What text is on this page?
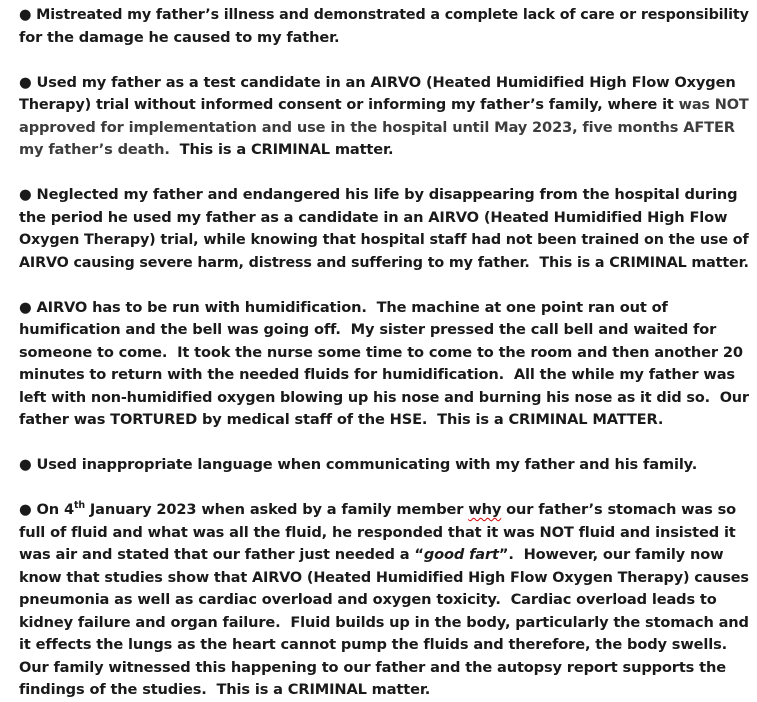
● Mistreated my father’s illness and demonstrated a complete lack of care or responsibility
for the damage he caused to my father.
● Used my father as a test candidate in an AIRVO (Heated Humidified High Flow Oxygen
Therapy) trial without informed consent or informing my father’s family, where it was NOT
approved for implementation and use in the hospital until May 2023, five months AFTER
my father’s death.  This is a CRIMINAL matter.
● Neglected my father and endangered his life by disappearing from the hospital during
the period he used my father as a candidate in an AIRVO (Heated Humidified High Flow
Oxygen Therapy) trial, while knowing that hospital staff had not been trained on the use of
AIRVO causing severe harm, distress and suffering to my father.  This is a CRIMINAL matter.
● AIRVO has to be run with humidification.  The machine at one point ran out of
humification and the bell was going off.  My sister pressed the call bell and waited for
someone to come.  It took the nurse some time to come to the room and then another 20
minutes to return with the needed fluids for humidification.  All the while my father was
left with non-humidified oxygen blowing up his nose and burning his nose as it did so.  Our
father was TORTURED by medical staff of the HSE.  This is a CRIMINAL MATTER.
● Used inappropriate language when communicating with my father and his family.
● On 4th January 2023 when asked by a family member why our father’s stomach was so
full of fluid and what was all the fluid, he responded that it was NOT fluid and insisted it
was air and stated that our father just needed a “good fart”.  However, our family now
know that studies show that AIRVO (Heated Humidified High Flow Oxygen Therapy) causes
pneumonia as well as cardiac overload and oxygen toxicity.  Cardiac overload leads to
kidney failure and organ failure.  Fluid builds up in the body, particularly the stomach and
it effects the lungs as the heart cannot pump the fluids and therefore, the body swells.
Our family witnessed this happening to our father and the autopsy report supports the
findings of the studies.  This is a CRIMINAL matter.
